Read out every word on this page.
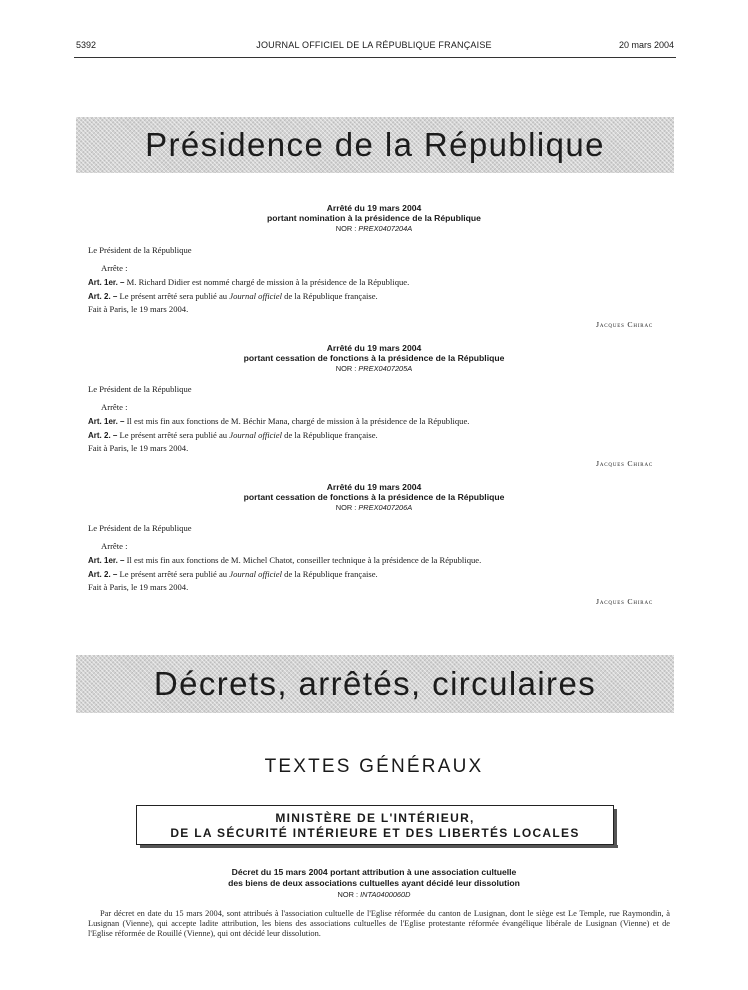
5392	JOURNAL OFFICIEL DE LA RÉPUBLIQUE FRANÇAISE	20 mars 2004
Présidence de la République
Arrêté du 19 mars 2004
portant nomination à la présidence de la République
NOR : PREX0407204A
Le Président de la République
Arrête :
Art. 1er. – M. Richard Didier est nommé chargé de mission à la présidence de la République.
Art. 2. – Le présent arrêté sera publié au Journal officiel de la République française.
Fait à Paris, le 19 mars 2004.
Jacques Chirac
Arrêté du 19 mars 2004
portant cessation de fonctions à la présidence de la République
NOR : PREX0407205A
Le Président de la République
Arrête :
Art. 1er. – Il est mis fin aux fonctions de M. Béchir Mana, chargé de mission à la présidence de la République.
Art. 2. – Le présent arrêté sera publié au Journal officiel de la République française.
Fait à Paris, le 19 mars 2004.
Jacques Chirac
Arrêté du 19 mars 2004
portant cessation de fonctions à la présidence de la République
NOR : PREX0407206A
Le Président de la République
Arrête :
Art. 1er. – Il est mis fin aux fonctions de M. Michel Chatot, conseiller technique à la présidence de la République.
Art. 2. – Le présent arrêté sera publié au Journal officiel de la République française.
Fait à Paris, le 19 mars 2004.
Jacques Chirac
Décrets, arrêtés, circulaires
TEXTES GÉNÉRAUX
MINISTÈRE DE L'INTÉRIEUR,
DE LA SÉCURITÉ INTÉRIEURE ET DES LIBERTÉS LOCALES
Décret du 15 mars 2004 portant attribution à une association cultuelle
des biens de deux associations cultuelles ayant décidé leur dissolution
NOR : INTA0400060D
Par décret en date du 15 mars 2004, sont attribués à l'association cultuelle de l'Eglise réformée du canton de Lusignan, dont le siège est Le Temple, rue Raymondin, à Lusignan (Vienne), qui accepte ladite attribution, les biens des associations cultuelles de l'Eglise protestante réformée évangélique libérale de Lusignan (Vienne) et de l'Eglise réformée de Rouillé (Vienne), qui ont décidé leur dissolution.
